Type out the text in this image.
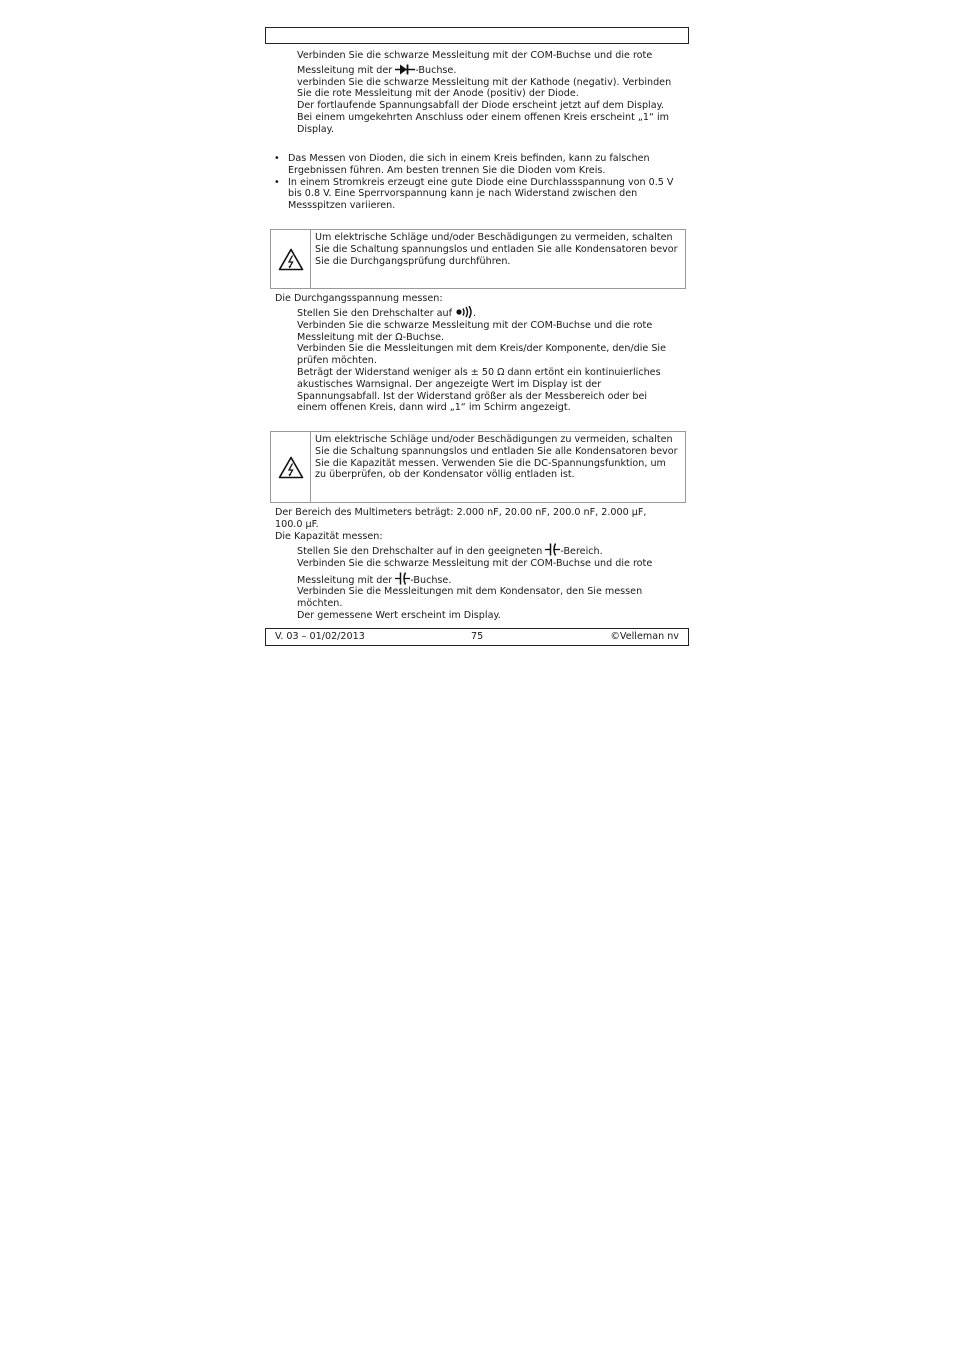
Verbinden Sie die schwarze Messleitung mit der COM-Buchse und die rote
Messleitung mit der -Buchse.
verbinden Sie die schwarze Messleitung mit der Kathode (negativ). Verbinden
Sie die rote Messleitung mit der Anode (positiv) der Diode.
Der fortlaufende Spannungsabfall der Diode erscheint jetzt auf dem Display.
Bei einem umgekehrten Anschluss oder einem offenen Kreis erscheint „1“ im
Display.
• Das Messen von Dioden, die sich in einem Kreis befinden, kann zu falschen
Ergebnissen führen. Am besten trennen Sie die Dioden vom Kreis.
• In einem Stromkreis erzeugt eine gute Diode eine Durchlassspannung von 0.5 V
bis 0.8 V. Eine Sperrvorspannung kann je nach Widerstand zwischen den
Messspitzen variieren.
Um elektrische Schläge und/oder Beschädigungen zu vermeiden, schalten
Sie die Schaltung spannungslos und entladen Sie alle Kondensatoren bevor
Sie die Durchgangsprüfung durchführen.
Die Durchgangsspannung messen:
Stellen Sie den Drehschalter auf .
Verbinden Sie die schwarze Messleitung mit der COM-Buchse und die rote
Messleitung mit der Ω-Buchse.
Verbinden Sie die Messleitungen mit dem Kreis/der Komponente, den/die Sie
prüfen möchten.
Beträgt der Widerstand weniger als ± 50 Ω dann ertönt ein kontinuierliches
akustisches Warnsignal. Der angezeigte Wert im Display ist der
Spannungsabfall. Ist der Widerstand größer als der Messbereich oder bei
einem offenen Kreis, dann wird „1“ im Schirm angezeigt.
Um elektrische Schläge und/oder Beschädigungen zu vermeiden, schalten
Sie die Schaltung spannungslos und entladen Sie alle Kondensatoren bevor
Sie die Kapazität messen. Verwenden Sie die DC-Spannungsfunktion, um
zu überprüfen, ob der Kondensator völlig entladen ist.
Der Bereich des Multimeters beträgt: 2.000 nF, 20.00 nF, 200.0 nF, 2.000 µF,
100.0 µF.
Die Kapazität messen:
Stellen Sie den Drehschalter auf in den geeigneten -Bereich.
Verbinden Sie die schwarze Messleitung mit der COM-Buchse und die rote
Messleitung mit der -Buchse.
Verbinden Sie die Messleitungen mit dem Kondensator, den Sie messen
möchten.
Der gemessene Wert erscheint im Display.
V. 03 – 01/02/2013	75	©Velleman nv
